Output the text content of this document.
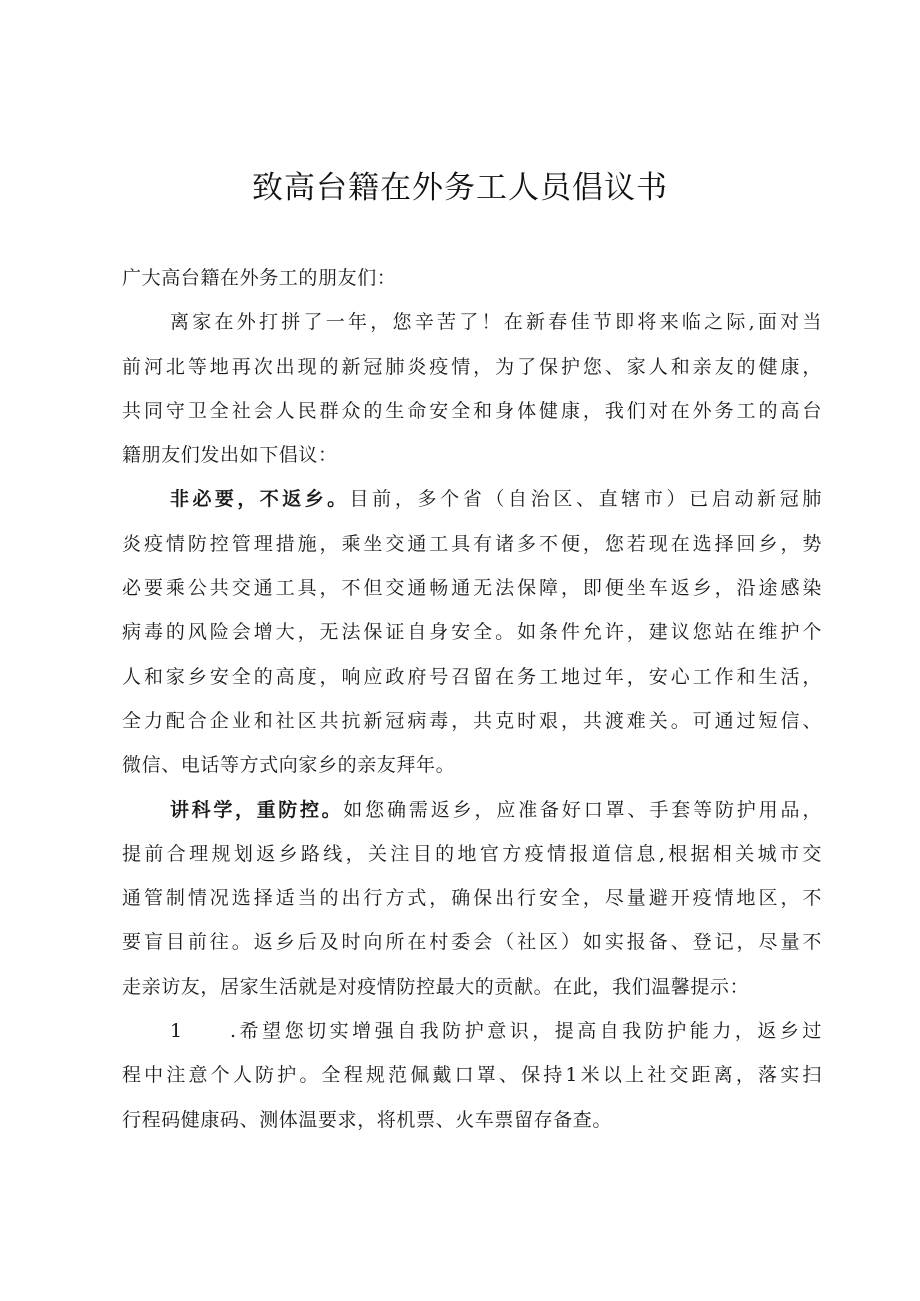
致高台籍在外务工人员倡议书
广大高台籍在外务工的朋友们：
离家在外打拼了一年，您辛苦了！在新春佳节即将来临之际,面对当
前河北等地再次出现的新冠肺炎疫情，为了保护您、家人和亲友的健康，
共同守卫全社会人民群众的生命安全和身体健康，我们对在外务工的高台
籍朋友们发出如下倡议：
非必要，不返乡。目前，多个省（自治区、直辖市）已启动新冠肺
炎疫情防控管理措施，乘坐交通工具有诸多不便，您若现在选择回乡，势
必要乘公共交通工具，不但交通畅通无法保障，即便坐车返乡，沿途感染
病毒的风险会增大，无法保证自身安全。如条件允许，建议您站在维护个
人和家乡安全的高度，响应政府号召留在务工地过年，安心工作和生活，
全力配合企业和社区共抗新冠病毒，共克时艰，共渡难关。可通过短信、
微信、电话等方式向家乡的亲友拜年。
讲科学，重防控。如您确需返乡，应准备好口罩、手套等防护用品，
提前合理规划返乡路线，关注目的地官方疫情报道信息,根据相关城市交
通管制情况选择适当的出行方式，确保出行安全，尽量避开疫情地区，不
要盲目前往。返乡后及时向所在村委会（社区）如实报备、登记，尽量不
走亲访友，居家生活就是对疫情防控最大的贡献。在此，我们温馨提示：
1 .希望您切实增强自我防护意识，提高自我防护能力，返乡过
程中注意个人防护。全程规范佩戴口罩、保持1米以上社交距离，落实扫
行程码健康码、测体温要求，将机票、火车票留存备查。
